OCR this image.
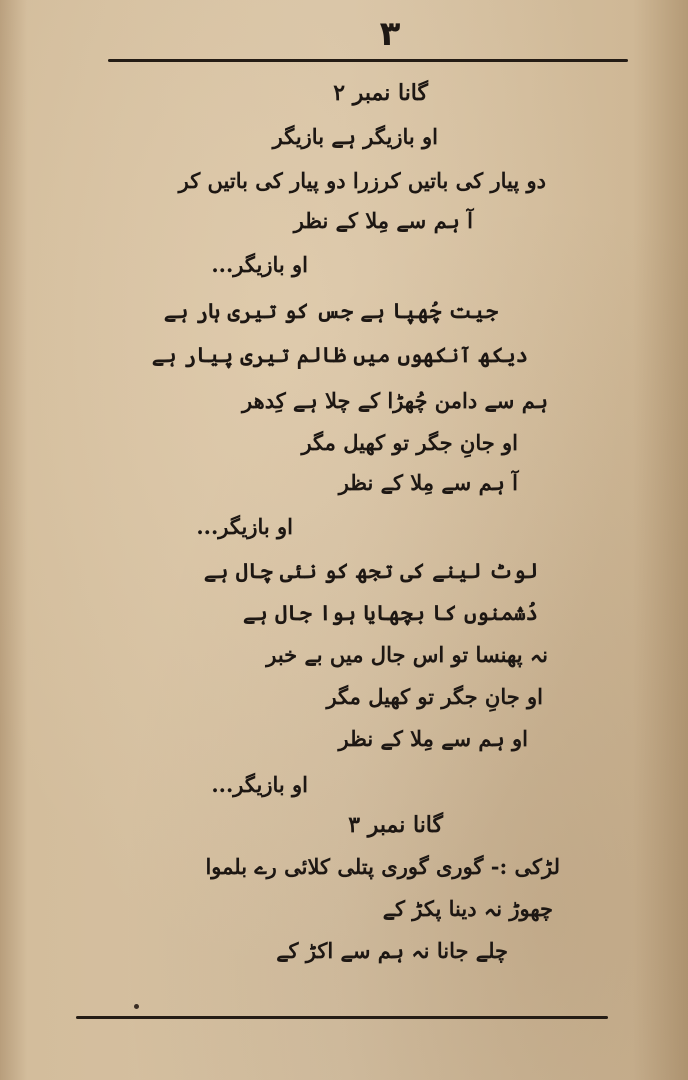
۳
گانا نمبر ۲
او بازیگر ہے بازیگر
دو پیار کی باتیں کرزرا دو پیار کی باتیں کر
آ ہم سے مِلا کے نظر
او بازیگر...
جیت چُھپا ہے جس کو تیری ہار ہے
دیکھ آنکھوں میں ظالم تیری پیار ہے
ہم سے دامن چُھڑا کے چلا ہے کِدھر
او جانِ جگر تو کھیل مگر
آ ہم سے مِلا کے نظر
او بازیگر...
لوٹ لینے کی تجھ کو نئی چال ہے
دُشمنوں کا بچھایا ہوا جال ہے
نہ پھنسا تو اس جال میں بے خبر
او جانِ جگر تو کھیل مگر
او ہم سے مِلا کے نظر
او بازیگر...
گانا نمبر ۳
لڑکی :- گوری گوری پتلی کلائی رے بلموا
چھوڑ نہ دینا پکڑ کے
چلے جانا نہ ہم سے اکڑ کے
